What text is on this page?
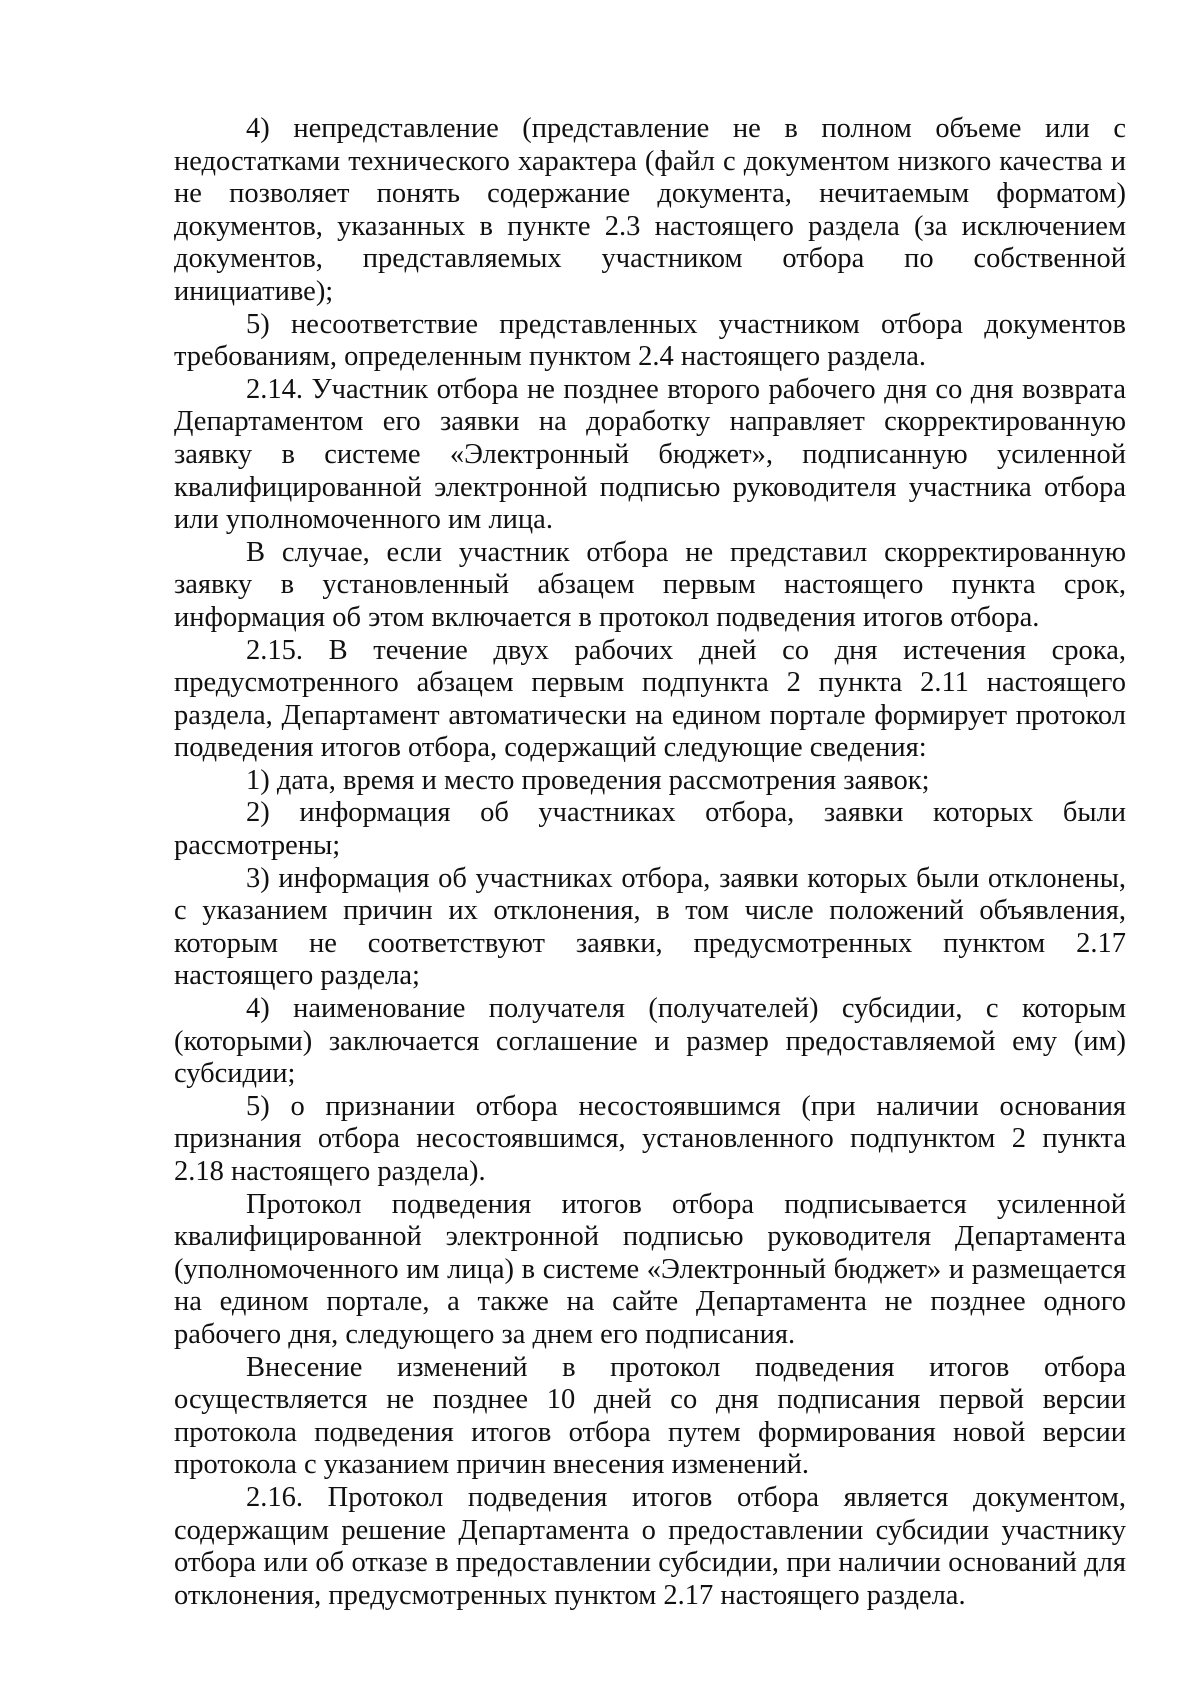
4) непредставление (представление не в полном объеме или с недостатками технического характера (файл с документом низкого качества и не позволяет понять содержание документа, нечитаемым форматом) документов, указанных в пункте 2.3 настоящего раздела (за исключением документов, представляемых участником отбора по собственной инициативе);

5) несоответствие представленных участником отбора документов требованиям, определенным пунктом 2.4 настоящего раздела.

2.14. Участник отбора не позднее второго рабочего дня со дня возврата Департаментом его заявки на доработку направляет скорректированную заявку в системе «Электронный бюджет», подписанную усиленной квалифицированной электронной подписью руководителя участника отбора или уполномоченного им лица.

В случае, если участник отбора не представил скорректированную заявку в установленный абзацем первым настоящего пункта срок, информация об этом включается в протокол подведения итогов отбора.

2.15. В течение двух рабочих дней со дня истечения срока, предусмотренного абзацем первым подпункта 2 пункта 2.11 настоящего раздела, Департамент автоматически на едином портале формирует протокол подведения итогов отбора, содержащий следующие сведения:

1) дата, время и место проведения рассмотрения заявок;

2) информация об участниках отбора, заявки которых были рассмотрены;

3) информация об участниках отбора, заявки которых были отклонены, с указанием причин их отклонения, в том числе положений объявления, которым не соответствуют заявки, предусмотренных пунктом 2.17 настоящего раздела;

4) наименование получателя (получателей) субсидии, с которым (которыми) заключается соглашение и размер предоставляемой ему (им) субсидии;

5) о признании отбора несостоявшимся (при наличии основания признания отбора несостоявшимся, установленного подпунктом 2 пункта 2.18 настоящего раздела).

Протокол подведения итогов отбора подписывается усиленной квалифицированной электронной подписью руководителя Департамента (уполномоченного им лица) в системе «Электронный бюджет» и размещается на едином портале, а также на сайте Департамента не позднее одного рабочего дня, следующего за днем его подписания.

Внесение изменений в протокол подведения итогов отбора осуществляется не позднее 10 дней со дня подписания первой версии протокола подведения итогов отбора путем формирования новой версии протокола с указанием причин внесения изменений.

2.16. Протокол подведения итогов отбора является документом, содержащим решение Департамента о предоставлении субсидии участнику отбора или об отказе в предоставлении субсидии, при наличии оснований для отклонения, предусмотренных пунктом 2.17 настоящего раздела.
